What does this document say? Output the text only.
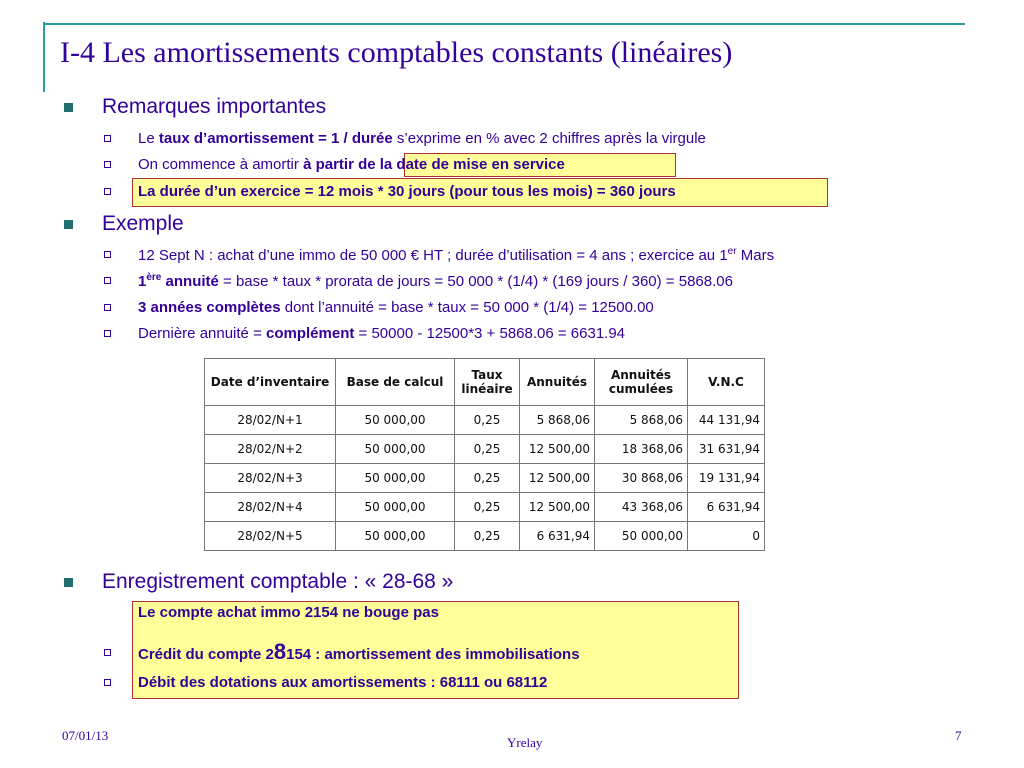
I-4 Les amortissements comptables constants (linéaires)
Remarques importantes
Le taux d’amortissement = 1 / durée s’exprime en % avec 2 chiffres après la virgule
On commence à amortir à partir de la date de mise en service
La durée d’un exercice = 12 mois * 30 jours (pour tous les mois) = 360 jours
Exemple
12 Sept N : achat d’une immo de 50 000 € HT ; durée d’utilisation = 4 ans ; exercice au 1er Mars
1ère annuité = base * taux * prorata de jours = 50 000 * (1/4) * (169 jours / 360) = 5868.06
3 années complètes dont l’annuité = base * taux = 50 000 * (1/4) = 12500.00
Dernière annuité = complément = 50000 - 12500*3 + 5868.06 = 6631.94
Date d’inventaire	Base de calcul	Taux linéaire	Annuités	Annuités cumulées	V.N.C
28/02/N+1	50 000,00	0,25	5 868,06	5 868,06	44 131,94
28/02/N+2	50 000,00	0,25	12 500,00	18 368,06	31 631,94
28/02/N+3	50 000,00	0,25	12 500,00	30 868,06	19 131,94
28/02/N+4	50 000,00	0,25	12 500,00	43 368,06	6 631,94
28/02/N+5	50 000,00	0,25	6 631,94	50 000,00	0
Enregistrement comptable : « 28-68 »
Le compte achat immo 2154 ne bouge pas
Crédit du compte 28154 : amortissement des immobilisations
Débit des dotations aux amortissements : 68111 ou 68112
07/01/13	Yrelay	7
